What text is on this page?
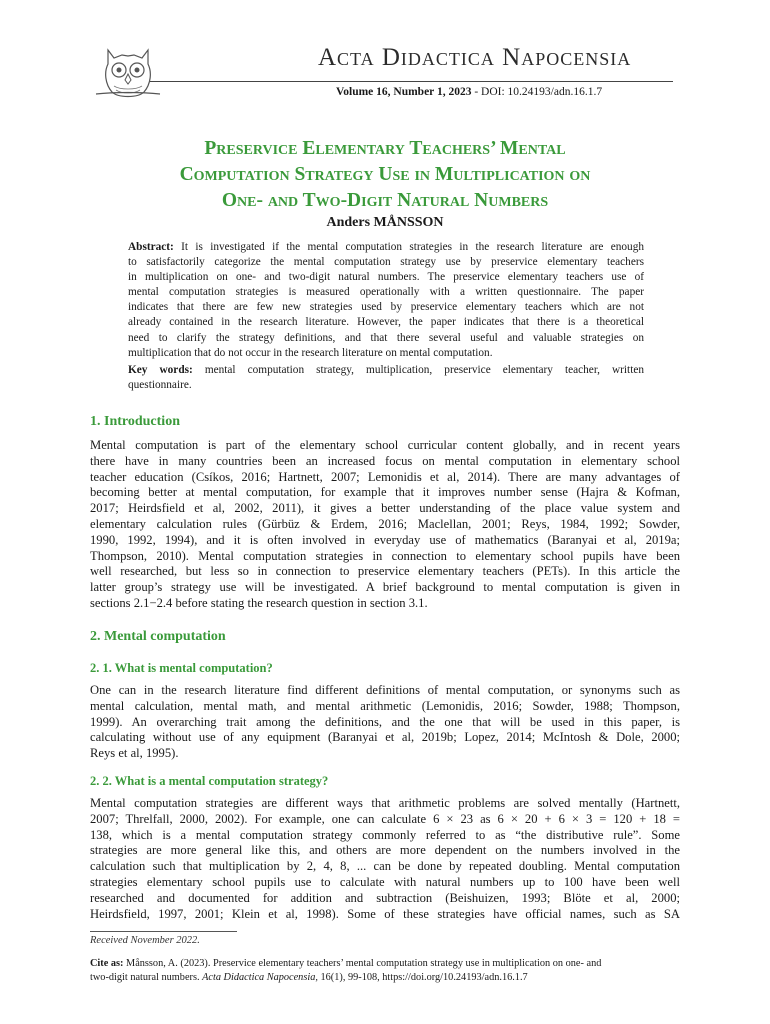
Acta Didactica Napocensia
Volume 16, Number 1, 2023 - DOI: 10.24193/adn.16.1.7
Preservice Elementary Teachers’ Mental
Computation Strategy Use in Multiplication on
One- and Two-Digit Natural Numbers
Anders MÅNSSON
Abstract: It is investigated if the mental computation strategies in the research literature are enough
to satisfactorily categorize the mental computation strategy use by preservice elementary teachers
in multiplication on one- and two-digit natural numbers. The preservice elementary teachers use of
mental computation strategies is measured operationally with a written questionnaire. The paper
indicates that there are few new strategies used by preservice elementary teachers which are not
already contained in the research literature. However, the paper indicates that there is a theoretical
need to clarify the strategy definitions, and that there several useful and valuable strategies on
multiplication that do not occur in the research literature on mental computation.
Key words: mental computation strategy, multiplication, preservice elementary teacher, written
questionnaire.
1. Introduction
Mental computation is part of the elementary school curricular content globally, and in recent years
there have in many countries been an increased focus on mental computation in elementary school
teacher education (Csíkos, 2016; Hartnett, 2007; Lemonidis et al, 2014). There are many advantages of
becoming better at mental computation, for example that it improves number sense (Hajra & Kofman,
2017; Heirdsfield et al, 2002, 2011), it gives a better understanding of the place value system and
elementary calculation rules (Gürbüz & Erdem, 2016; Maclellan, 2001; Reys, 1984, 1992; Sowder,
1990, 1992, 1994), and it is often involved in everyday use of mathematics (Baranyai et al, 2019a;
Thompson, 2010). Mental computation strategies in connection to elementary school pupils have been
well researched, but less so in connection to preservice elementary teachers (PETs). In this article the
latter group’s strategy use will be investigated. A brief background to mental computation is given in
sections 2.1−2.4 before stating the research question in section 3.1.
2. Mental computation
2. 1. What is mental computation?
One can in the research literature find different definitions of mental computation, or synonyms such as
mental calculation, mental math, and mental arithmetic (Lemonidis, 2016; Sowder, 1988; Thompson,
1999). An overarching trait among the definitions, and the one that will be used in this paper, is
calculating without use of any equipment (Baranyai et al, 2019b; Lopez, 2014; McIntosh & Dole, 2000;
Reys et al, 1995).
2. 2. What is a mental computation strategy?
Mental computation strategies are different ways that arithmetic problems are solved mentally (Hartnett,
2007; Threlfall, 2000, 2002). For example, one can calculate 6 × 23 as 6 × 20 + 6 × 3 = 120 + 18 =
138, which is a mental computation strategy commonly referred to as “the distributive rule”. Some
strategies are more general like this, and others are more dependent on the numbers involved in the
calculation such that multiplication by 2, 4, 8, ... can be done by repeated doubling. Mental computation
strategies elementary school pupils use to calculate with natural numbers up to 100 have been well
researched and documented for addition and subtraction (Beishuizen, 1993; Blöte et al, 2000;
Heirdsfield, 1997, 2001; Klein et al, 1998). Some of these strategies have official names, such as SA
Received November 2022.
Cite as: Månsson, A. (2023). Preservice elementary teachers’ mental computation strategy use in multiplication on one- and
two-digit natural numbers. Acta Didactica Napocensia, 16(1), 99-108, https://doi.org/10.24193/adn.16.1.7
